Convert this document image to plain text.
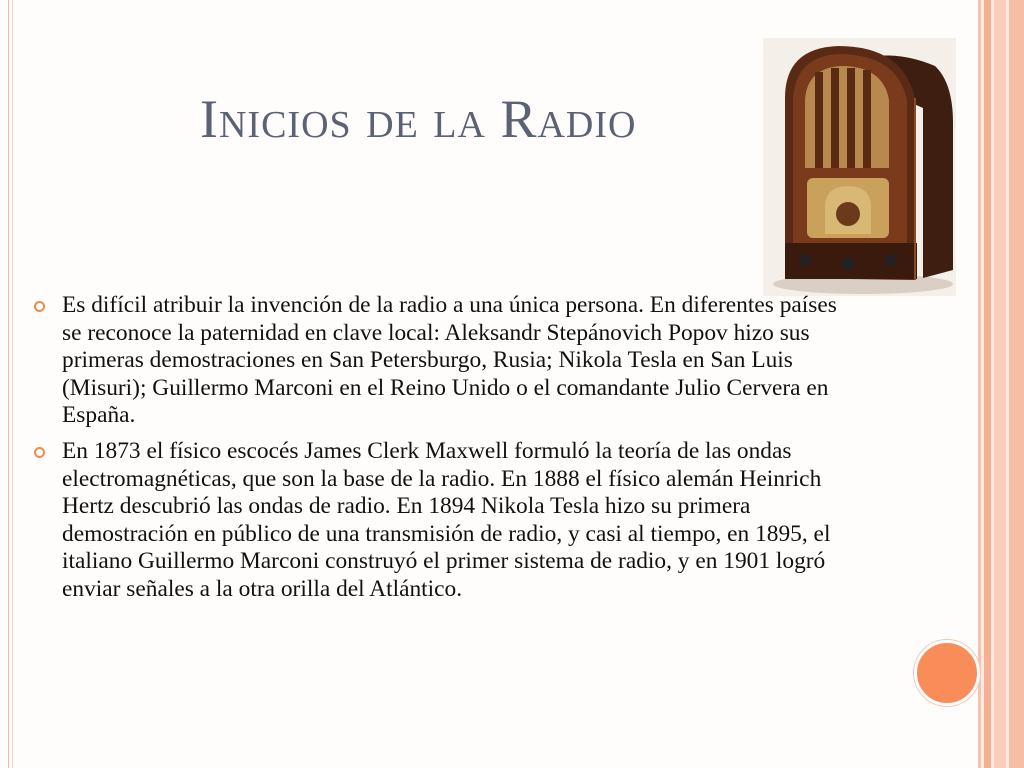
Inicios de la Radio
Es difícil atribuir la invención de la radio a una única persona. En diferentes países se reconoce la paternidad en clave local: Aleksandr Stepánovich Popov hizo sus primeras demostraciones en San Petersburgo, Rusia; Nikola Tesla en San Luis (Misuri); Guillermo Marconi en el Reino Unido o el comandante Julio Cervera en España.
En 1873 el físico escocés James Clerk Maxwell formuló la teoría de las ondas electromagnéticas, que son la base de la radio. En 1888 el físico alemán Heinrich Hertz descubrió las ondas de radio. En 1894 Nikola Tesla hizo su primera demostración en público de una transmisión de radio, y casi al tiempo, en 1895, el italiano Guillermo Marconi construyó el primer sistema de radio, y en 1901 logró enviar señales a la otra orilla del Atlántico.
